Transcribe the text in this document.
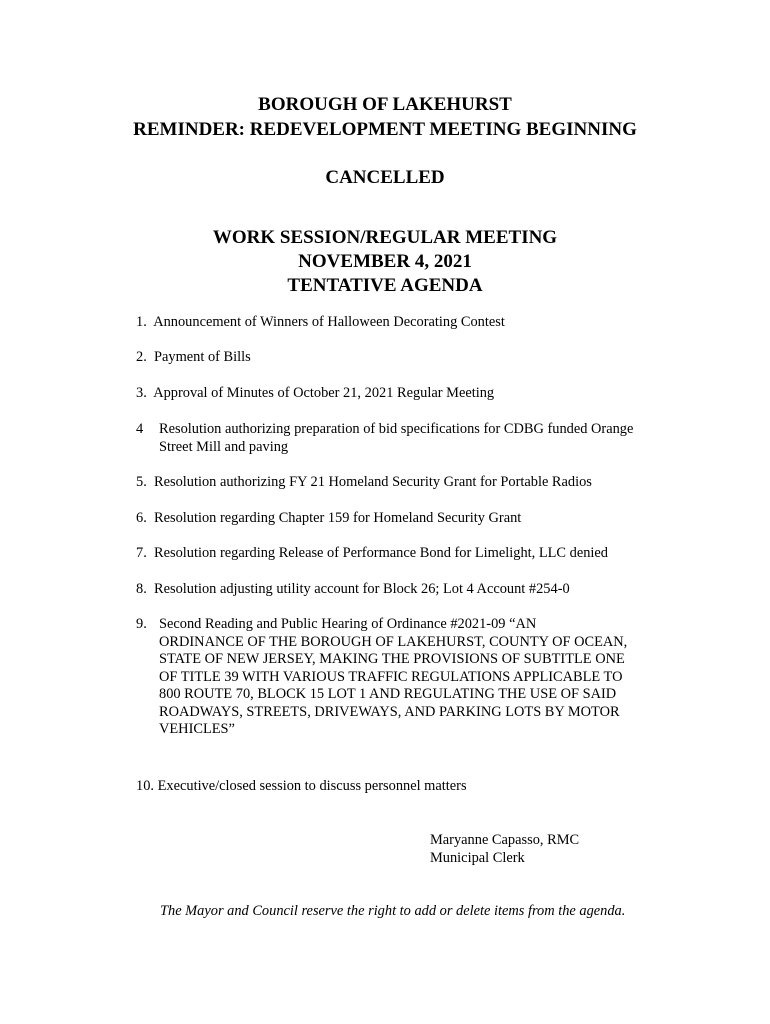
BOROUGH OF LAKEHURST
REMINDER: REDEVELOPMENT MEETING BEGINNING
CANCELLED
WORK SESSION/REGULAR MEETING
NOVEMBER 4, 2021
TENTATIVE AGENDA
1. Announcement of Winners of Halloween Decorating Contest
2. Payment of Bills
3. Approval of Minutes of October 21, 2021 Regular Meeting
4 Resolution authorizing preparation of bid specifications for CDBG funded Orange
Street Mill and paving
5. Resolution authorizing FY 21 Homeland Security Grant for Portable Radios
6. Resolution regarding Chapter 159 for Homeland Security Grant
7. Resolution regarding Release of Performance Bond for Limelight, LLC denied
8. Resolution adjusting utility account for Block 26; Lot 4 Account #254-0
9. Second Reading and Public Hearing of Ordinance #2021-09 “AN
ORDINANCE OF THE BOROUGH OF LAKEHURST, COUNTY OF OCEAN,
STATE OF NEW JERSEY, MAKING THE PROVISIONS OF SUBTITLE ONE
OF TITLE 39 WITH VARIOUS TRAFFIC REGULATIONS APPLICABLE TO
800 ROUTE 70, BLOCK 15 LOT 1 AND REGULATING THE USE OF SAID
ROADWAYS, STREETS, DRIVEWAYS, AND PARKING LOTS BY MOTOR
VEHICLES”
10. Executive/closed session to discuss personnel matters
Maryanne Capasso, RMC
Municipal Clerk
The Mayor and Council reserve the right to add or delete items from the agenda.
